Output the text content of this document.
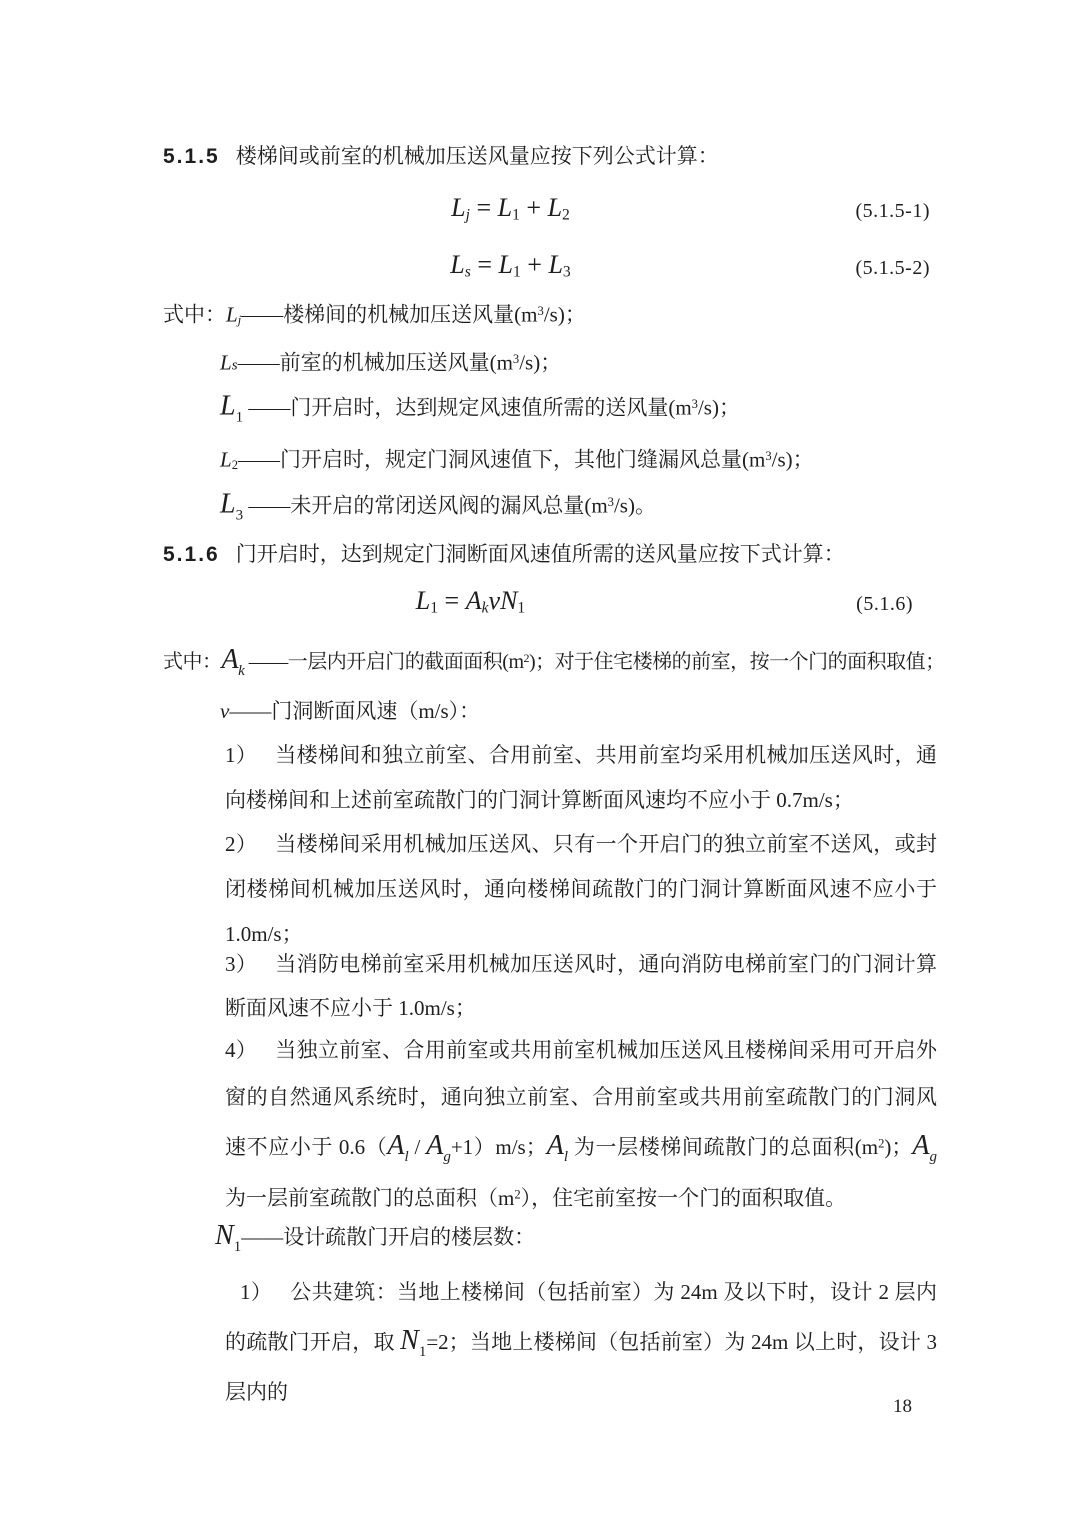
5.1.5 楼梯间或前室的机械加压送风量应按下列公式计算：
Lj = L1 + L2	(5.1.5-1)
Ls = L1 + L3	(5.1.5-2)
式中：Lj——楼梯间的机械加压送风量$(m^3/s)$；
Ls——前室的机械加压送风量$(m^3/s)$；
$L_1$ ——门开启时，达到规定风速值所需的送风量$(m^3/s)$；
L2——门开启时，规定门洞风速值下，其他门缝漏风总量$(m^3/s)$；
$L_3$ ——未开启的常闭送风阀的漏风总量$(m^3/s)$。
5.1.6 门开启时，达到规定门洞断面风速值所需的送风量应按下式计算：
L1 = AkvN1	(5.1.6)
式中：$A_k$ ——一层内开启门的截面面积$(m^2)$；对于住宅楼梯的前室，按一个门的面积取值；
v——门洞断面风速（m/s）：
1） 当楼梯间和独立前室、合用前室、共用前室均采用机械加压送风时，通向楼梯间和上述前室疏散门的门洞计算断面风速均不应小于 0.7m/s；
2） 当楼梯间采用机械加压送风、只有一个开启门的独立前室不送风，或封闭楼梯间机械加压送风时，通向楼梯间疏散门的门洞计算断面风速不应小于 1.0m/s；
3） 当消防电梯前室采用机械加压送风时，通向消防电梯前室门的门洞计算断面风速不应小于 1.0m/s；
4） 当独立前室、合用前室或共用前室机械加压送风且楼梯间采用可开启外窗的自然通风系统时，通向独立前室、合用前室或共用前室疏散门的门洞风速不应小于 $0.6(A_l / A_g+1)m/s$；$A_l$ 为一层楼梯间疏散门的总面积$(m^2)$；$A_g$ 为一层前室疏散门的总面积$(m^2)$，住宅前室按一个门的面积取值。
$N_1——$设计疏散门开启的楼层数：
1） 公共建筑：当地上楼梯间（包括前室）为 24m 及以下时，设计 2 层内的疏散门开启，取 $N_1=2$；当地上楼梯间（包括前室）为 24m 以上时，设计 3 层内的
18
